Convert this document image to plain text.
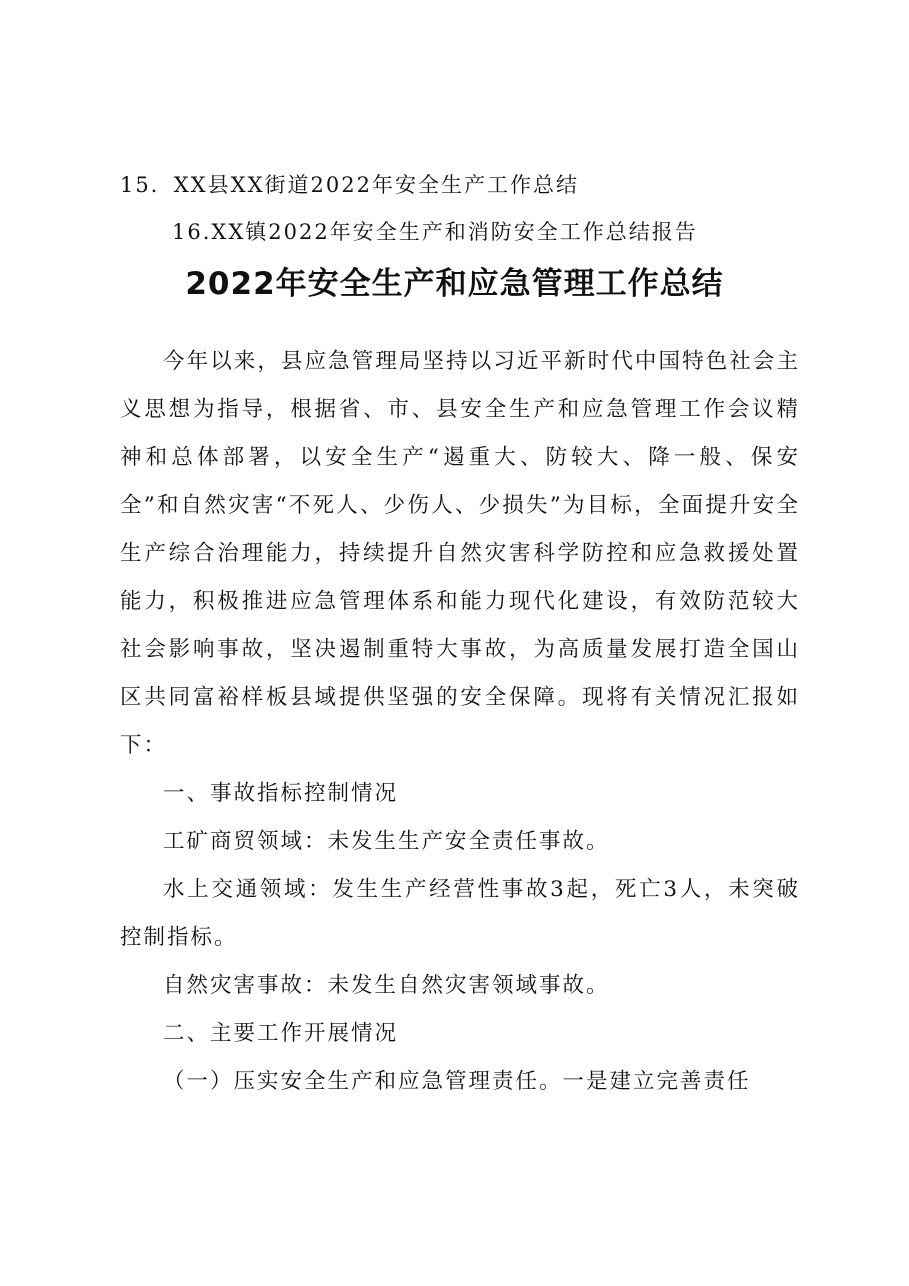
15．XX县XX街道2022年安全生产工作总结
16.XX镇2022年安全生产和消防安全工作总结报告
2022年安全生产和应急管理工作总结

今年以来，县应急管理局坚持以习近平新时代中国特色社会主义思想为指导，根据省、市、县安全生产和应急管理工作会议精神和总体部署，以安全生产“遏重大、防较大、降一般、保安全”和自然灾害“不死人、少伤人、少损失”为目标，全面提升安全生产综合治理能力，持续提升自然灾害科学防控和应急救援处置能力，积极推进应急管理体系和能力现代化建设，有效防范较大社会影响事故，坚决遏制重特大事故，为高质量发展打造全国山区共同富裕样板县域提供坚强的安全保障。现将有关情况汇报如下：

一、事故指标控制情况

工矿商贸领域：未发生生产安全责任事故。

水上交通领域：发生生产经营性事故3起，死亡3人，未突破控制指标。

自然灾害事故：未发生自然灾害领域事故。

二、主要工作开展情况

（一）压实安全生产和应急管理责任。一是建立完善责任
